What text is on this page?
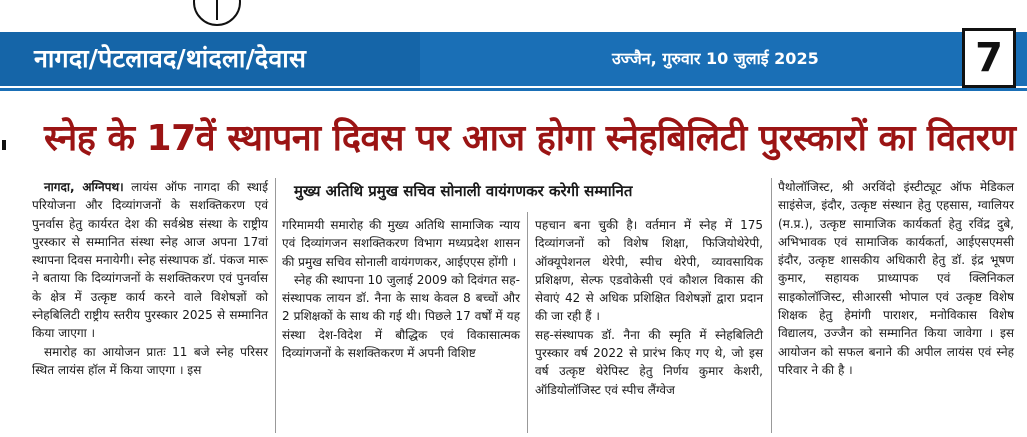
नागदा/पेटलावद/थांदला/देवास	उज्जैन, गुरुवार 10 जुलाई 2025	7
स्नेह के 17वें स्थापना दिवस पर आज होगा स्नेहबिलिटी पुरस्कारों का वितरण

नागदा, अग्निपथ। लायंस ऑफ नागदा की स्थाई परियोजना और दिव्यांगजनों के सशक्तिकरण एवं पुनर्वास हेतु कार्यरत देश की सर्वश्रेष्ठ संस्था के राष्ट्रीय पुरस्कार से सम्मानित संस्था स्नेह आज अपना 17वां स्थापना दिवस मनायेगी। स्नेह संस्थापक डॉ. पंकज मारू ने बताया कि दिव्यांगजनों के सशक्तिकरण एवं पुनर्वास के क्षेत्र में उत्कृष्ट कार्य करने वाले विशेषज्ञों को स्नेहबिलिटी राष्ट्रीय स्तरीय पुरस्कार 2025 से सम्मानित किया जाएगा ।

समारोह का आयोजन प्रातः 11 बजे स्नेह परिसर स्थित लायंस हॉल में किया जाएगा । इस

मुख्य अतिथि प्रमुख सचिव सोनाली वायंगणकर करेगी सम्मानित

गरिमामयी समारोह की मुख्य अतिथि सामाजिक न्याय एवं दिव्यांगजन सशक्तिकरण विभाग मध्यप्रदेश शासन की प्रमुख सचिव सोनाली वायंगणकर, आईएएस होंगी ।

स्नेह की स्थापना 10 जुलाई 2009 को दिवंगत सह-संस्थापक लायन डॉ. नैना के साथ केवल 8 बच्चों और 2 प्रशिक्षकों के साथ की गई थी। पिछले 17 वर्षों में यह संस्था देश-विदेश में बौद्धिक एवं विकासात्मक दिव्यांगजनों के सशक्तिकरण में अपनी विशिष्ट

पहचान बना चुकी है। वर्तमान में स्नेह में 175 दिव्यांगजनों को विशेष शिक्षा, फिजियोथेरेपी, ऑक्यूपेशनल थेरेपी, स्पीच थेरेपी, व्यावसायिक प्रशिक्षण, सेल्फ एडवोकेसी एवं कौशल विकास की सेवाएं 42 से अधिक प्रशिक्षित विशेषज्ञों द्वारा प्रदान की जा रही हैं ।

सह-संस्थापक डॉ. नैना की स्मृति में स्नेहबिलिटी पुरस्कार वर्ष 2022 से प्रारंभ किए गए थे, जो इस वर्ष उत्कृष्ट थेरेपिस्ट हेतु निर्णय कुमार केशरी, ऑडियोलॉजिस्ट एवं स्पीच लैंग्वेज

पैथोलॉजिस्ट, श्री अरविंदो इंस्टीट्यूट ऑफ मेडिकल साइंसेज, इंदौर, उत्कृष्ट संस्थान हेतु एहसास, ग्वालियर (म.प्र.), उत्कृष्ट सामाजिक कार्यकर्ता हेतु रविंद्र दुबे, अभिभावक एवं सामाजिक कार्यकर्ता, आईएसएमसी इंदौर, उत्कृष्ट शासकीय अधिकारी हेतु डॉ. इंद्र भूषण कुमार, सहायक प्राध्यापक एवं क्लिनिकल साइकोलॉजिस्ट, सीआरसी भोपाल एवं उत्कृष्ट विशेष शिक्षक हेतु हेमांगी पाराशर, मनोविकास विशेष विद्यालय, उज्जैन को सम्मानित किया जावेगा । इस आयोजन को सफल बनाने की अपील लायंस एवं स्नेह परिवार ने की है ।
